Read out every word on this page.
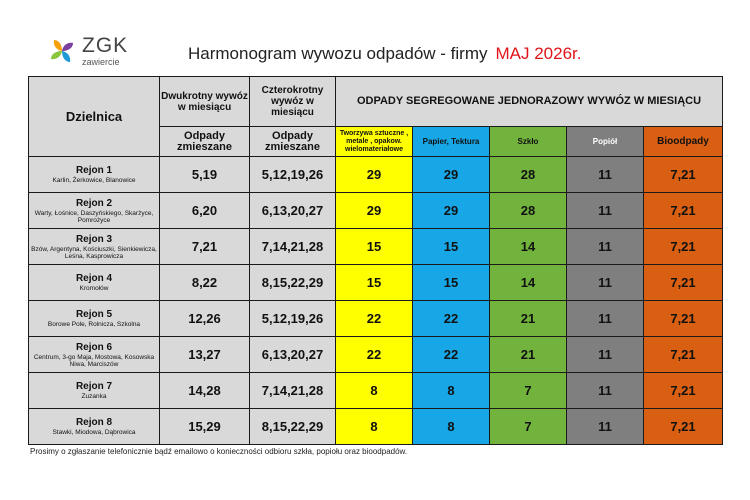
ZGK
zawiercie	Harmonogram wywozu odpadów - firmy MAJ 2026r.
Dzielnica	Dwukrotny wywóz w miesiącu	Czterokrotny wywóz w miesiącu	ODPADY SEGREGOWANE JEDNORAZOWY WYWÓZ W MIESIĄCU				
	Odpady zmieszane	Odpady zmieszane	Tworzywa sztuczne , metale , opakow. wielomateriałowe	Papier, Tektura	Szkło	Popiół	Bioodpady

Rejon 1
Karlin, Żerkowice, Blanowice	5,19	5,12,19,26	29	29	28	11	7,21

Rejon 2
Warty, Łośnice, Daszyńskiego, Skarżyce, Pomrożyce	6,20	6,13,20,27	29	29	28	11	7,21

Rejon 3
Bzów, Argentyna, Kościuszki, Sienkiewicza, Leśna, Kasprowicza	7,21	7,14,21,28	15	15	14	11	7,21

Rejon 4
Kromołów	8,22	8,15,22,29	15	15	14	11	7,21

Rejon 5
Borowe Pole, Rolnicza, Szkolna	12,26	5,12,19,26	22	22	21	11	7,21

Rejon 6
Centrum, 3-go Maja, Mostowa, Kosowska Niwa, Marciszów	13,27	6,13,20,27	22	22	21	11	7,21

Rejon 7
Zuzanka	14,28	7,14,21,28	8	8	7	11	7,21

Rejon 8
Stawki, Miodowa, Dąbrowica	15,29	8,15,22,29	8	8	7	11	7,21
Prosimy o zgłaszanie telefonicznie bądź emailowo o konieczności odbioru szkła, popiołu oraz bioodpadów.
